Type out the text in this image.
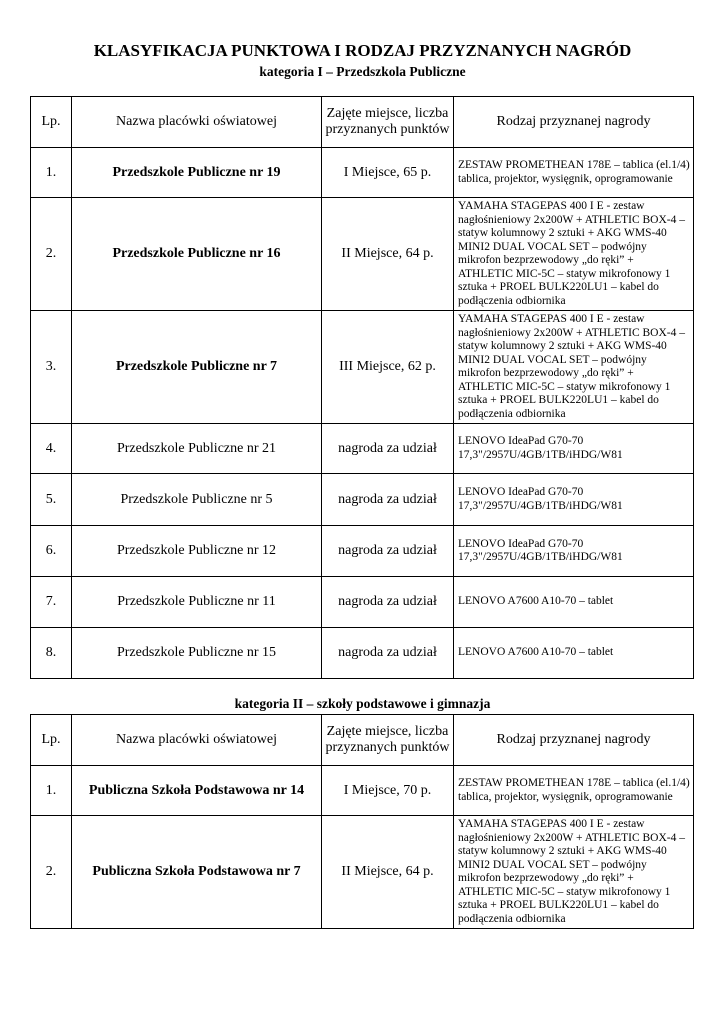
KLASYFIKACJA PUNKTOWA I RODZAJ PRZYZNANYCH NAGRÓD
kategoria I – Przedszkola Publiczne
Lp.	Nazwa placówki oświatowej	Zajęte miejsce, liczba przyznanych punktów	Rodzaj przyznanej nagrody
1.	Przedszkole Publiczne nr 19	I Miejsce, 65 p.	ZESTAW PROMETHEAN 178E – tablica (el.1/4) tablica, projektor, wysięgnik, oprogramowanie
2.	Przedszkole Publiczne nr 16	II Miejsce, 64 p.	YAMAHA STAGEPAS 400 I E - zestaw nagłośnieniowy 2x200W + ATHLETIC BOX-4 – statyw kolumnowy 2 sztuki + AKG WMS-40 MINI2 DUAL VOCAL SET – podwójny mikrofon bezprzewodowy „do ręki” + ATHLETIC MIC-5C – statyw mikrofonowy 1 sztuka + PROEL BULK220LU1 – kabel do podłączenia odbiornika
3.	Przedszkole Publiczne nr 7	III Miejsce, 62 p.	YAMAHA STAGEPAS 400 I E - zestaw nagłośnieniowy 2x200W + ATHLETIC BOX-4 – statyw kolumnowy 2 sztuki + AKG WMS-40 MINI2 DUAL VOCAL SET – podwójny mikrofon bezprzewodowy „do ręki” + ATHLETIC MIC-5C – statyw mikrofonowy 1 sztuka + PROEL BULK220LU1 – kabel do podłączenia odbiornika
4.	Przedszkole Publiczne nr 21	nagroda za udział	LENOVO IdeaPad G70-70 17,3"/2957U/4GB/1TB/iHDG/W81
5.	Przedszkole Publiczne nr 5	nagroda za udział	LENOVO IdeaPad G70-70 17,3"/2957U/4GB/1TB/iHDG/W81
6.	Przedszkole Publiczne nr 12	nagroda za udział	LENOVO IdeaPad G70-70 17,3"/2957U/4GB/1TB/iHDG/W81
7.	Przedszkole Publiczne nr 11	nagroda za udział	LENOVO A7600 A10-70 – tablet
8.	Przedszkole Publiczne nr 15	nagroda za udział	LENOVO A7600 A10-70 – tablet
kategoria II – szkoły podstawowe i gimnazja
Lp.	Nazwa placówki oświatowej	Zajęte miejsce, liczba przyznanych punktów	Rodzaj przyznanej nagrody
1.	Publiczna Szkoła Podstawowa nr 14	I Miejsce, 70 p.	ZESTAW PROMETHEAN 178E – tablica (el.1/4) tablica, projektor, wysięgnik, oprogramowanie
2.	Publiczna Szkoła Podstawowa nr 7	II Miejsce, 64 p.	YAMAHA STAGEPAS 400 I E - zestaw nagłośnieniowy 2x200W + ATHLETIC BOX-4 – statyw kolumnowy 2 sztuki + AKG WMS-40 MINI2 DUAL VOCAL SET – podwójny mikrofon bezprzewodowy „do ręki” + ATHLETIC MIC-5C – statyw mikrofonowy 1 sztuka + PROEL BULK220LU1 – kabel do podłączenia odbiornika
